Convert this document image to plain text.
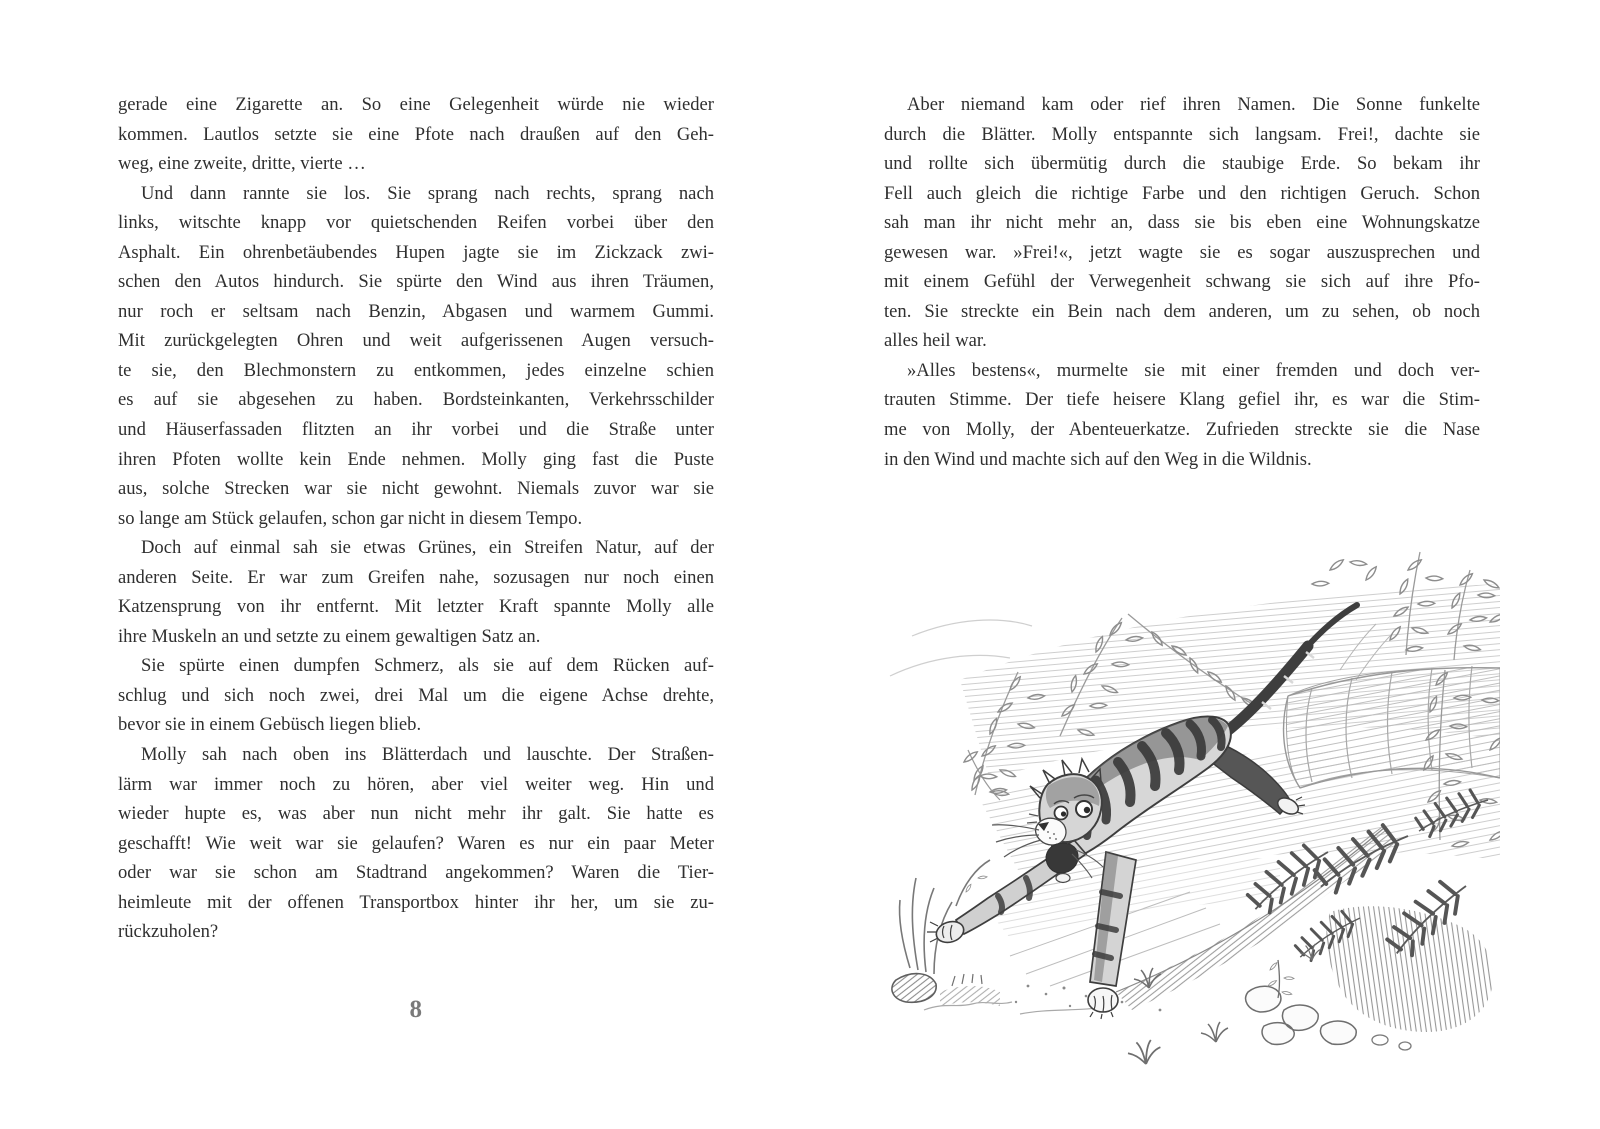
gerade eine Zigarette an. So eine Gelegenheit würde nie wieder
kommen. Lautlos setzte sie eine Pfote nach draußen auf den Geh-
weg, eine zweite, dritte, vierte …
Und dann rannte sie los. Sie sprang nach rechts, sprang nach
links, witschte knapp vor quietschenden Reifen vorbei über den
Asphalt. Ein ohrenbetäubendes Hupen jagte sie im Zickzack zwi-
schen den Autos hindurch. Sie spürte den Wind aus ihren Träumen,
nur roch er seltsam nach Benzin, Abgasen und warmem Gummi.
Mit zurückgelegten Ohren und weit aufgerissenen Augen versuch-
te sie, den Blechmonstern zu entkommen, jedes einzelne schien
es auf sie abgesehen zu haben. Bordsteinkanten, Verkehrsschilder
und Häuserfassaden flitzten an ihr vorbei und die Straße unter
ihren Pfoten wollte kein Ende nehmen. Molly ging fast die Puste
aus, solche Strecken war sie nicht gewohnt. Niemals zuvor war sie
so lange am Stück gelaufen, schon gar nicht in diesem Tempo.
Doch auf einmal sah sie etwas Grünes, ein Streifen Natur, auf der
anderen Seite. Er war zum Greifen nahe, sozusagen nur noch einen
Katzensprung von ihr entfernt. Mit letzter Kraft spannte Molly alle
ihre Muskeln an und setzte zu einem gewaltigen Satz an.
Sie spürte einen dumpfen Schmerz, als sie auf dem Rücken auf-
schlug und sich noch zwei, drei Mal um die eigene Achse drehte,
bevor sie in einem Gebüsch liegen blieb.
Molly sah nach oben ins Blätterdach und lauschte. Der Straßen-
lärm war immer noch zu hören, aber viel weiter weg. Hin und
wieder hupte es, was aber nun nicht mehr ihr galt. Sie hatte es
geschafft! Wie weit war sie gelaufen? Waren es nur ein paar Meter
oder war sie schon am Stadtrand angekommen? Waren die Tier-
heimleute mit der offenen Transportbox hinter ihr her, um sie zu-
rückzuholen?
8
Aber niemand kam oder rief ihren Namen. Die Sonne funkelte
durch die Blätter. Molly entspannte sich langsam. Frei!, dachte sie
und rollte sich übermütig durch die staubige Erde. So bekam ihr
Fell auch gleich die richtige Farbe und den richtigen Geruch. Schon
sah man ihr nicht mehr an, dass sie bis eben eine Wohnungskatze
gewesen war. »Frei!«, jetzt wagte sie es sogar auszusprechen und
mit einem Gefühl der Verwegenheit schwang sie sich auf ihre Pfo-
ten. Sie streckte ein Bein nach dem anderen, um zu sehen, ob noch
alles heil war.
»Alles bestens«, murmelte sie mit einer fremden und doch ver-
trauten Stimme. Der tiefe heisere Klang gefiel ihr, es war die Stim-
me von Molly, der Abenteuerkatze. Zufrieden streckte sie die Nase
in den Wind und machte sich auf den Weg in die Wildnis.
